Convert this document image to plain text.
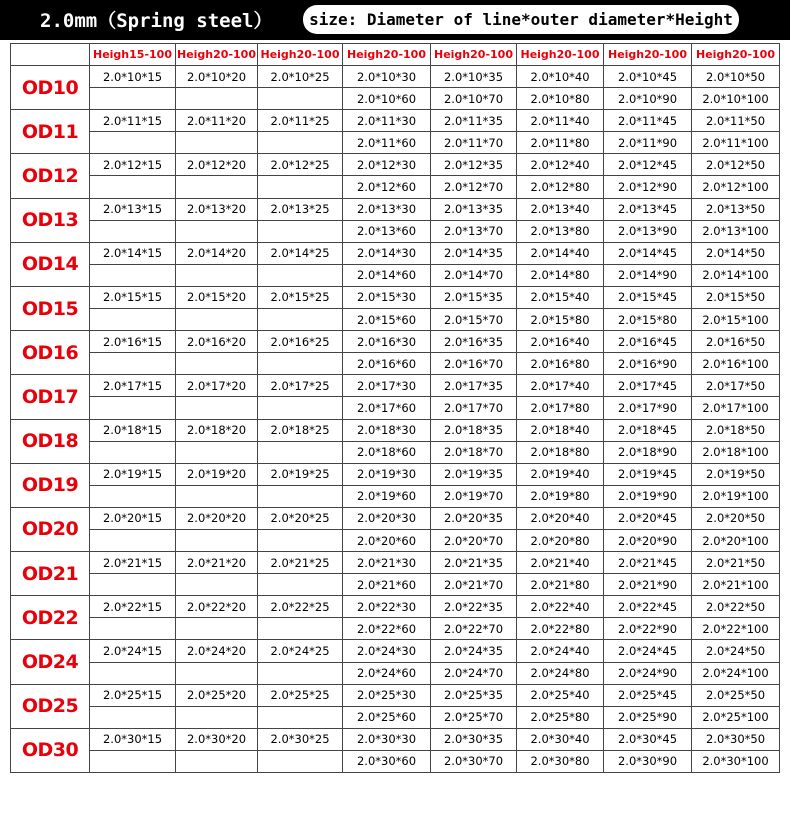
2.0mm（Spring steel）	size: Diameter of line*outer diameter*Height
	Heigh15-100	Heigh20-100	Heigh20-100	Heigh20-100	Heigh20-100	Heigh20-100	Heigh20-100	Heigh20-100
OD10	2.0*10*15	2.0*10*20	2.0*10*25	2.0*10*30	2.0*10*35	2.0*10*40	2.0*10*45	2.0*10*50
				2.0*10*60	2.0*10*70	2.0*10*80	2.0*10*90	2.0*10*100
OD11	2.0*11*15	2.0*11*20	2.0*11*25	2.0*11*30	2.0*11*35	2.0*11*40	2.0*11*45	2.0*11*50
				2.0*11*60	2.0*11*70	2.0*11*80	2.0*11*90	2.0*11*100
OD12	2.0*12*15	2.0*12*20	2.0*12*25	2.0*12*30	2.0*12*35	2.0*12*40	2.0*12*45	2.0*12*50
				2.0*12*60	2.0*12*70	2.0*12*80	2.0*12*90	2.0*12*100
OD13	2.0*13*15	2.0*13*20	2.0*13*25	2.0*13*30	2.0*13*35	2.0*13*40	2.0*13*45	2.0*13*50
				2.0*13*60	2.0*13*70	2.0*13*80	2.0*13*90	2.0*13*100
OD14	2.0*14*15	2.0*14*20	2.0*14*25	2.0*14*30	2.0*14*35	2.0*14*40	2.0*14*45	2.0*14*50
				2.0*14*60	2.0*14*70	2.0*14*80	2.0*14*90	2.0*14*100
OD15	2.0*15*15	2.0*15*20	2.0*15*25	2.0*15*30	2.0*15*35	2.0*15*40	2.0*15*45	2.0*15*50
				2.0*15*60	2.0*15*70	2.0*15*80	2.0*15*80	2.0*15*100
OD16	2.0*16*15	2.0*16*20	2.0*16*25	2.0*16*30	2.0*16*35	2.0*16*40	2.0*16*45	2.0*16*50
				2.0*16*60	2.0*16*70	2.0*16*80	2.0*16*90	2.0*16*100
OD17	2.0*17*15	2.0*17*20	2.0*17*25	2.0*17*30	2.0*17*35	2.0*17*40	2.0*17*45	2.0*17*50
				2.0*17*60	2.0*17*70	2.0*17*80	2.0*17*90	2.0*17*100
OD18	2.0*18*15	2.0*18*20	2.0*18*25	2.0*18*30	2.0*18*35	2.0*18*40	2.0*18*45	2.0*18*50
				2.0*18*60	2.0*18*70	2.0*18*80	2.0*18*90	2.0*18*100
OD19	2.0*19*15	2.0*19*20	2.0*19*25	2.0*19*30	2.0*19*35	2.0*19*40	2.0*19*45	2.0*19*50
				2.0*19*60	2.0*19*70	2.0*19*80	2.0*19*90	2.0*19*100
OD20	2.0*20*15	2.0*20*20	2.0*20*25	2.0*20*30	2.0*20*35	2.0*20*40	2.0*20*45	2.0*20*50
				2.0*20*60	2.0*20*70	2.0*20*80	2.0*20*90	2.0*20*100
OD21	2.0*21*15	2.0*21*20	2.0*21*25	2.0*21*30	2.0*21*35	2.0*21*40	2.0*21*45	2.0*21*50
				2.0*21*60	2.0*21*70	2.0*21*80	2.0*21*90	2.0*21*100
OD22	2.0*22*15	2.0*22*20	2.0*22*25	2.0*22*30	2.0*22*35	2.0*22*40	2.0*22*45	2.0*22*50
				2.0*22*60	2.0*22*70	2.0*22*80	2.0*22*90	2.0*22*100
OD24	2.0*24*15	2.0*24*20	2.0*24*25	2.0*24*30	2.0*24*35	2.0*24*40	2.0*24*45	2.0*24*50
				2.0*24*60	2.0*24*70	2.0*24*80	2.0*24*90	2.0*24*100
OD25	2.0*25*15	2.0*25*20	2.0*25*25	2.0*25*30	2.0*25*35	2.0*25*40	2.0*25*45	2.0*25*50
				2.0*25*60	2.0*25*70	2.0*25*80	2.0*25*90	2.0*25*100
OD30	2.0*30*15	2.0*30*20	2.0*30*25	2.0*30*30	2.0*30*35	2.0*30*40	2.0*30*45	2.0*30*50
				2.0*30*60	2.0*30*70	2.0*30*80	2.0*30*90	2.0*30*100
